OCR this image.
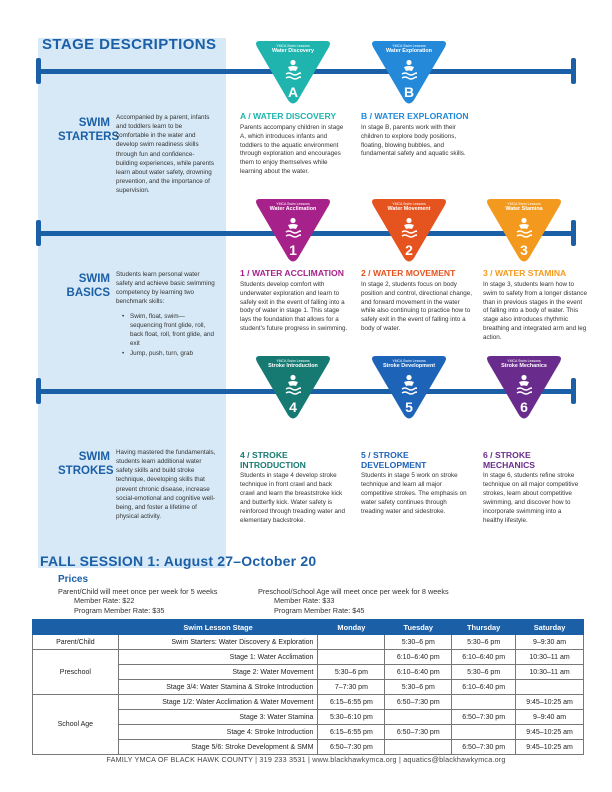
STAGE DESCRIPTIONS	YMCA Swim Lessons
Water Discovery
A
YMCA Swim Lessons
Water Exploration
B
YMCA Swim Lessons
Water Acclimation
1
YMCA Swim Lessons
Water Movement
2
YMCA Swim Lessons
Water Stamina
3
YMCA Swim Lessons
Stroke Introduction
4
YMCA Swim Lessons
Stroke Development
5
YMCA Swim Lessons
Stroke Mechanics
6
SWIM STARTERS
Accompanied by a parent, infants and toddlers learn to be comfortable in the water and develop swim readiness skills through fun and confidence-building experiences, while parents learn about water safety, drowning prevention, and the importance of supervision.
SWIM BASICS
Students learn personal water safety and achieve basic swimming competency by learning two benchmark skills:
• Swim, float, swim—sequencing front glide, roll, back float, roll, front glide, and exit
• Jump, push, turn, grab
SWIM STROKES
Having mastered the fundamentals, students learn additional water safety skills and build stroke technique, developing skills that prevent chronic disease, increase social-emotional and cognitive well-being, and foster a lifetime of physical activity.
A / WATER DISCOVERY
Parents accompany children in stage A, which introduces infants and toddlers to the aquatic environment through exploration and encourages them to enjoy themselves while learning about the water.
B / WATER EXPLORATION
In stage B, parents work with their children to explore body positions, floating, blowing bubbles, and fundamental safety and aquatic skills.
1 / WATER ACCLIMATION
Students develop comfort with underwater exploration and learn to safely exit in the event of falling into a body of water in stage 1. This stage lays the foundation that allows for a student's future progress in swimming.
2 / WATER MOVEMENT
In stage 2, students focus on body position and control, directional change, and forward movement in the water while also continuing to practice how to safely exit in the event of falling into a body of water.
3 / WATER STAMINA
In stage 3, students learn how to swim to safety from a longer distance than in previous stages in the event of falling into a body of water. This stage also introduces rhythmic breathing and integrated arm and leg action.
4 / STROKE INTRODUCTION
Students in stage 4 develop stroke technique in front crawl and back crawl and learn the breaststroke kick and butterfly kick. Water safety is reinforced through treading water and elementary backstroke.
5 / STROKE DEVELOPMENT
Students in stage 5 work on stroke technique and learn all major competitive strokes. The emphasis on water safety continues through treading water and sidestroke.
6 / STROKE MECHANICS
In stage 6, students refine stroke technique on all major competitive strokes, learn about competitive swimming, and discover how to incorporate swimming into a healthy lifestyle.
FALL SESSION 1: August 27–October 20
Prices
Parent/Child will meet once per week for 5 weeks
Member Rate: $22
Program Member Rate: $35
Preschool/School Age will meet once per week for 8 weeks
Member Rate: $33
Program Member Rate: $45
	Swim Lesson Stage	Monday	Tuesday	Thursday	Saturday
Parent/Child	Swim Starters: Water Discovery & Exploration		5:30–6 pm	5:30–6 pm	9–9:30 am
Preschool	Stage 1: Water Acclimation		6:10–6:40 pm	6:10–6:40 pm	10:30–11 am
	Stage 2: Water Movement	5:30–6 pm	6:10–6:40 pm	5:30–6 pm	10:30–11 am
	Stage 3/4: Water Stamina & Stroke Introduction	7–7:30 pm	5:30–6 pm	6:10–6:40 pm	
School Age	Stage 1/2: Water Acclimation & Water Movement	6:15–6:55 pm	6:50–7:30 pm		9:45–10:25 am
	Stage 3: Water Stamina	5:30–6:10 pm		6:50–7:30 pm	9–9:40 am
	Stage 4: Stroke Introduction	6:15–6:55 pm	6:50–7:30 pm		9:45–10:25 am
	Stage 5/6: Stroke Development & SMM	6:50–7:30 pm		6:50–7:30 pm	9:45–10:25 am
FAMILY YMCA OF BLACK HAWK COUNTY | 319 233 3531 | www.blackhawkymca.org | aquatics@blackhawkymca.org
